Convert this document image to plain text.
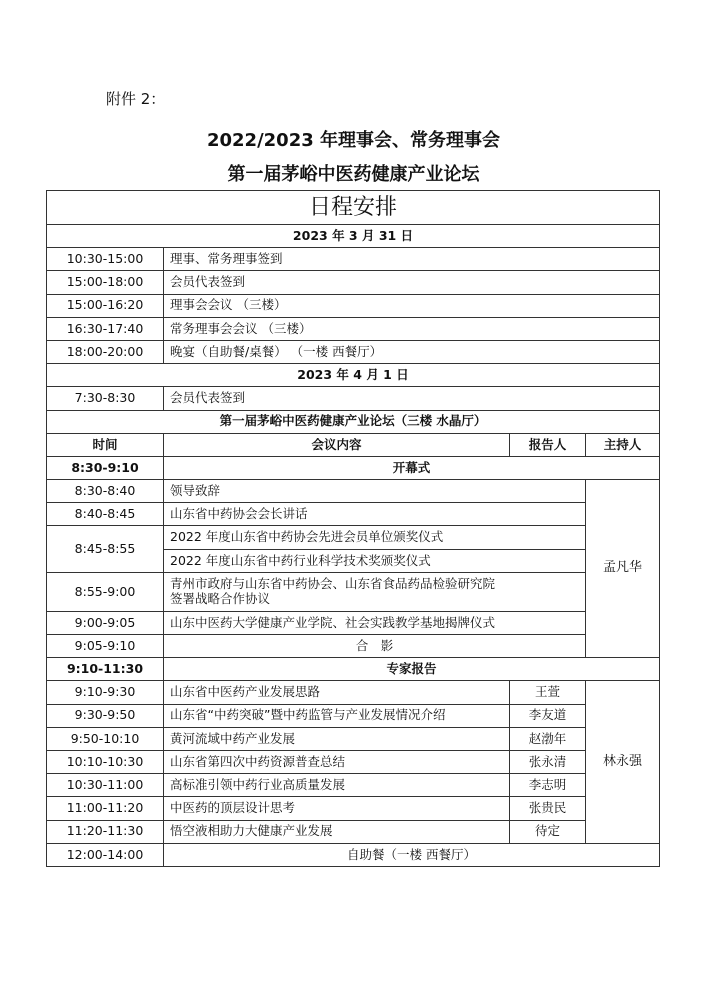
附件 2：
2022/2023 年理事会、常务理事会
第一届茅峪中医药健康产业论坛
日程安排			
2023 年 3 月 31 日			
10:30-15:00	理事、常务理事签到		
15:00-18:00	会员代表签到		
15:00-16:20	理事会会议 （三楼）		
16:30-17:40	常务理事会会议 （三楼）		
18:00-20:00	晚宴（自助餐/桌餐） （一楼 西餐厅）		
2023 年 4 月 1 日			
7:30-8:30	会员代表签到		
第一届茅峪中医药健康产业论坛（三楼 水晶厅）			
时间	会议内容	报告人	主持人
8:30-9:10	开幕式		
8:30-8:40	领导致辞		孟凡华
8:40-8:45	山东省中药协会会长讲话		
8:45-8:55	2022 年度山东省中药协会先进会员单位颁奖仪式		
	2022 年度山东省中药行业科学技术奖颁奖仪式		
8:55-9:00	青州市政府与山东省中药协会、山东省食品药品检验研究院
签署战略合作协议		

9:00-9:05	山东中医药大学健康产业学院、社会实践教学基地揭牌仪式		
9:05-9:10	合　影		
9:10-11:30	专家报告		
9:10-9:30	山东省中医药产业发展思路	王萱	林永强
9:30-9:50	山东省“中药突破”暨中药监管与产业发展情况介绍	李友道	
9:50-10:10	黄河流域中药产业发展	赵渤年	
10:10-10:30	山东省第四次中药资源普查总结	张永清	
10:30-11:00	高标准引领中药行业高质量发展	李志明	
11:00-11:20	中医药的顶层设计思考	张贵民	
11:20-11:30	悟空液相助力大健康产业发展	待定	
12:00-14:00	自助餐（一楼 西餐厅）		
